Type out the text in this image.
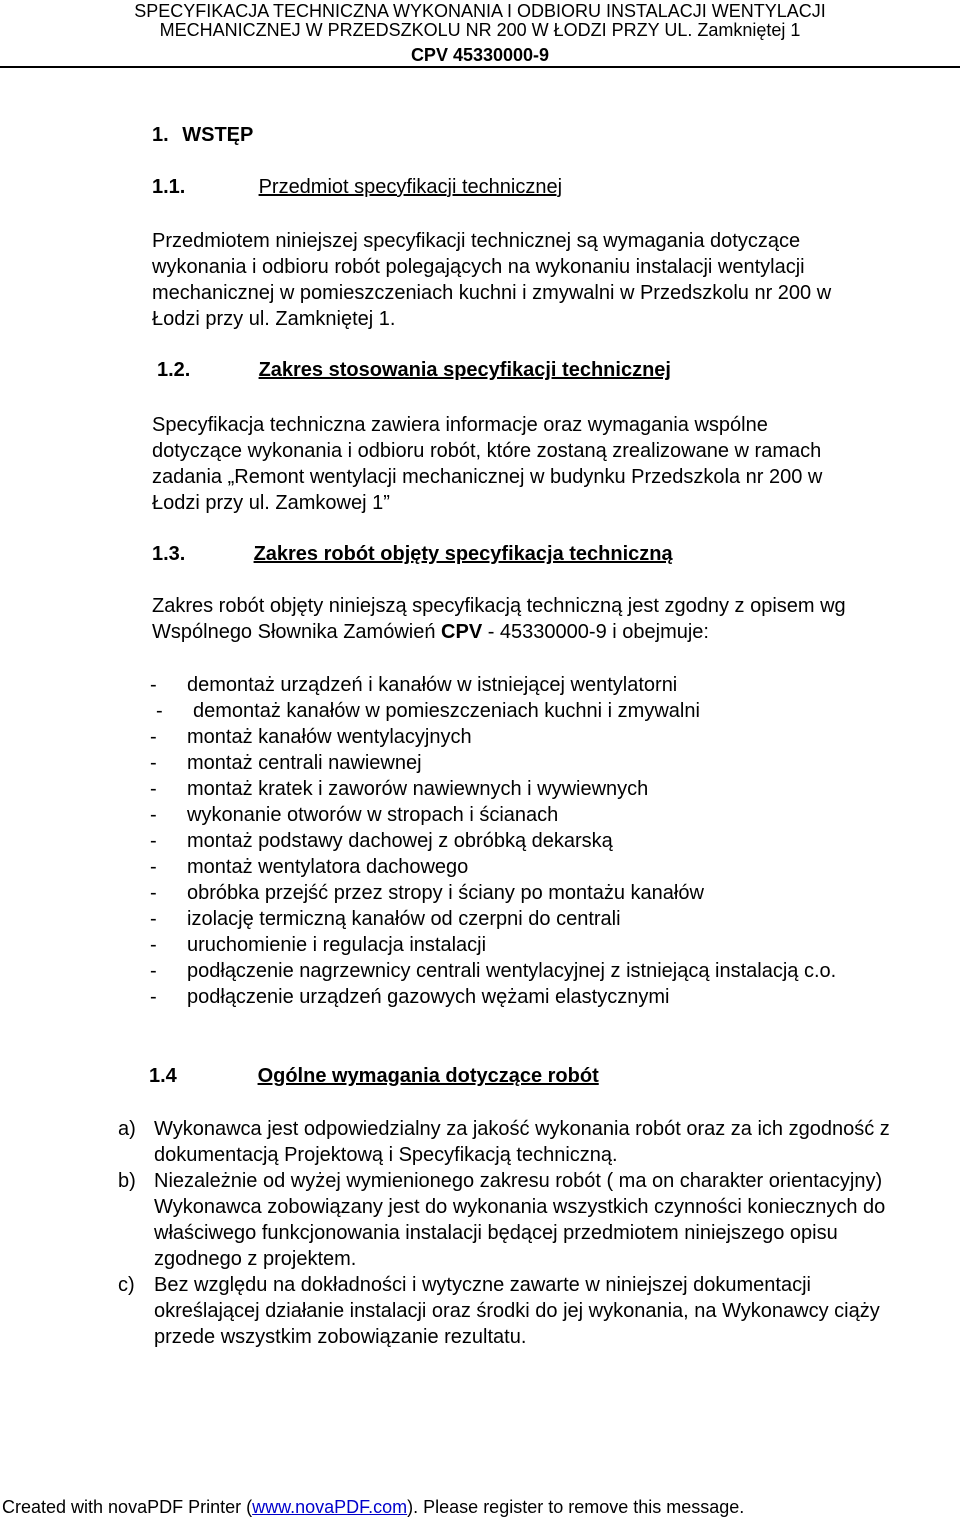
SPECYFIKACJA TECHNICZNA WYKONANIA I ODBIORU INSTALACJI WENTYLACJI
MECHANICZNEJ W PRZEDSZKOLU NR 200 W ŁODZI PRZY UL. Zamkniętej 1
CPV 45330000-9
1. WSTĘP
1.1.	Przedmiot specyfikacji technicznej
Przedmiotem niniejszej specyfikacji technicznej są wymagania dotyczące
wykonania i odbioru robót polegających na wykonaniu instalacji wentylacji
mechanicznej w pomieszczeniach kuchni i zmywalni w Przedszkolu nr 200 w
Łodzi przy ul. Zamkniętej 1.
1.2.	Zakres stosowania specyfikacji technicznej
Specyfikacja techniczna zawiera informacje oraz wymagania wspólne
dotyczące wykonania i odbioru robót, które zostaną zrealizowane w ramach
zadania „Remont wentylacji mechanicznej w budynku Przedszkola nr 200 w
Łodzi przy ul. Zamkowej 1”
1.3.	Zakres robót objęty specyfikacja techniczną
Zakres robót objęty niniejszą specyfikacją techniczną jest zgodny z opisem wg
Wspólnego Słownika Zamówień CPV - 45330000-9 i obejmuje:
- demontaż urządzeń i kanałów w istniejącej wentylatorni
- demontaż kanałów w pomieszczeniach kuchni i zmywalni
- montaż kanałów wentylacyjnych
- montaż centrali nawiewnej
- montaż kratek i zaworów nawiewnych i wywiewnych
- wykonanie otworów w stropach i ścianach
- montaż podstawy dachowej z obróbką dekarską
- montaż wentylatora dachowego
- obróbka przejść przez stropy i ściany po montażu kanałów
- izolację termiczną kanałów od czerpni do centrali
- uruchomienie i regulacja instalacji
- podłączenie nagrzewnicy centrali wentylacyjnej z istniejącą instalacją c.o.
- podłączenie urządzeń gazowych wężami elastycznymi
1.4	Ogólne wymagania dotyczące robót
a) Wykonawca jest odpowiedzialny za jakość wykonania robót oraz za ich zgodność z dokumentacją Projektową i Specyfikacją techniczną.
b) Niezależnie od wyżej wymienionego zakresu robót ( ma on charakter orientacyjny) Wykonawca zobowiązany jest do wykonania wszystkich czynności koniecznych do właściwego funkcjonowania instalacji będącej przedmiotem niniejszego opisu zgodnego z projektem.
c) Bez względu na dokładności i wytyczne zawarte w niniejszej dokumentacji określającej działanie instalacji oraz środki do jej wykonania, na Wykonawcy ciąży przede wszystkim zobowiązanie rezultatu.
Created with novaPDF Printer (www.novaPDF.com). Please register to remove this message.
